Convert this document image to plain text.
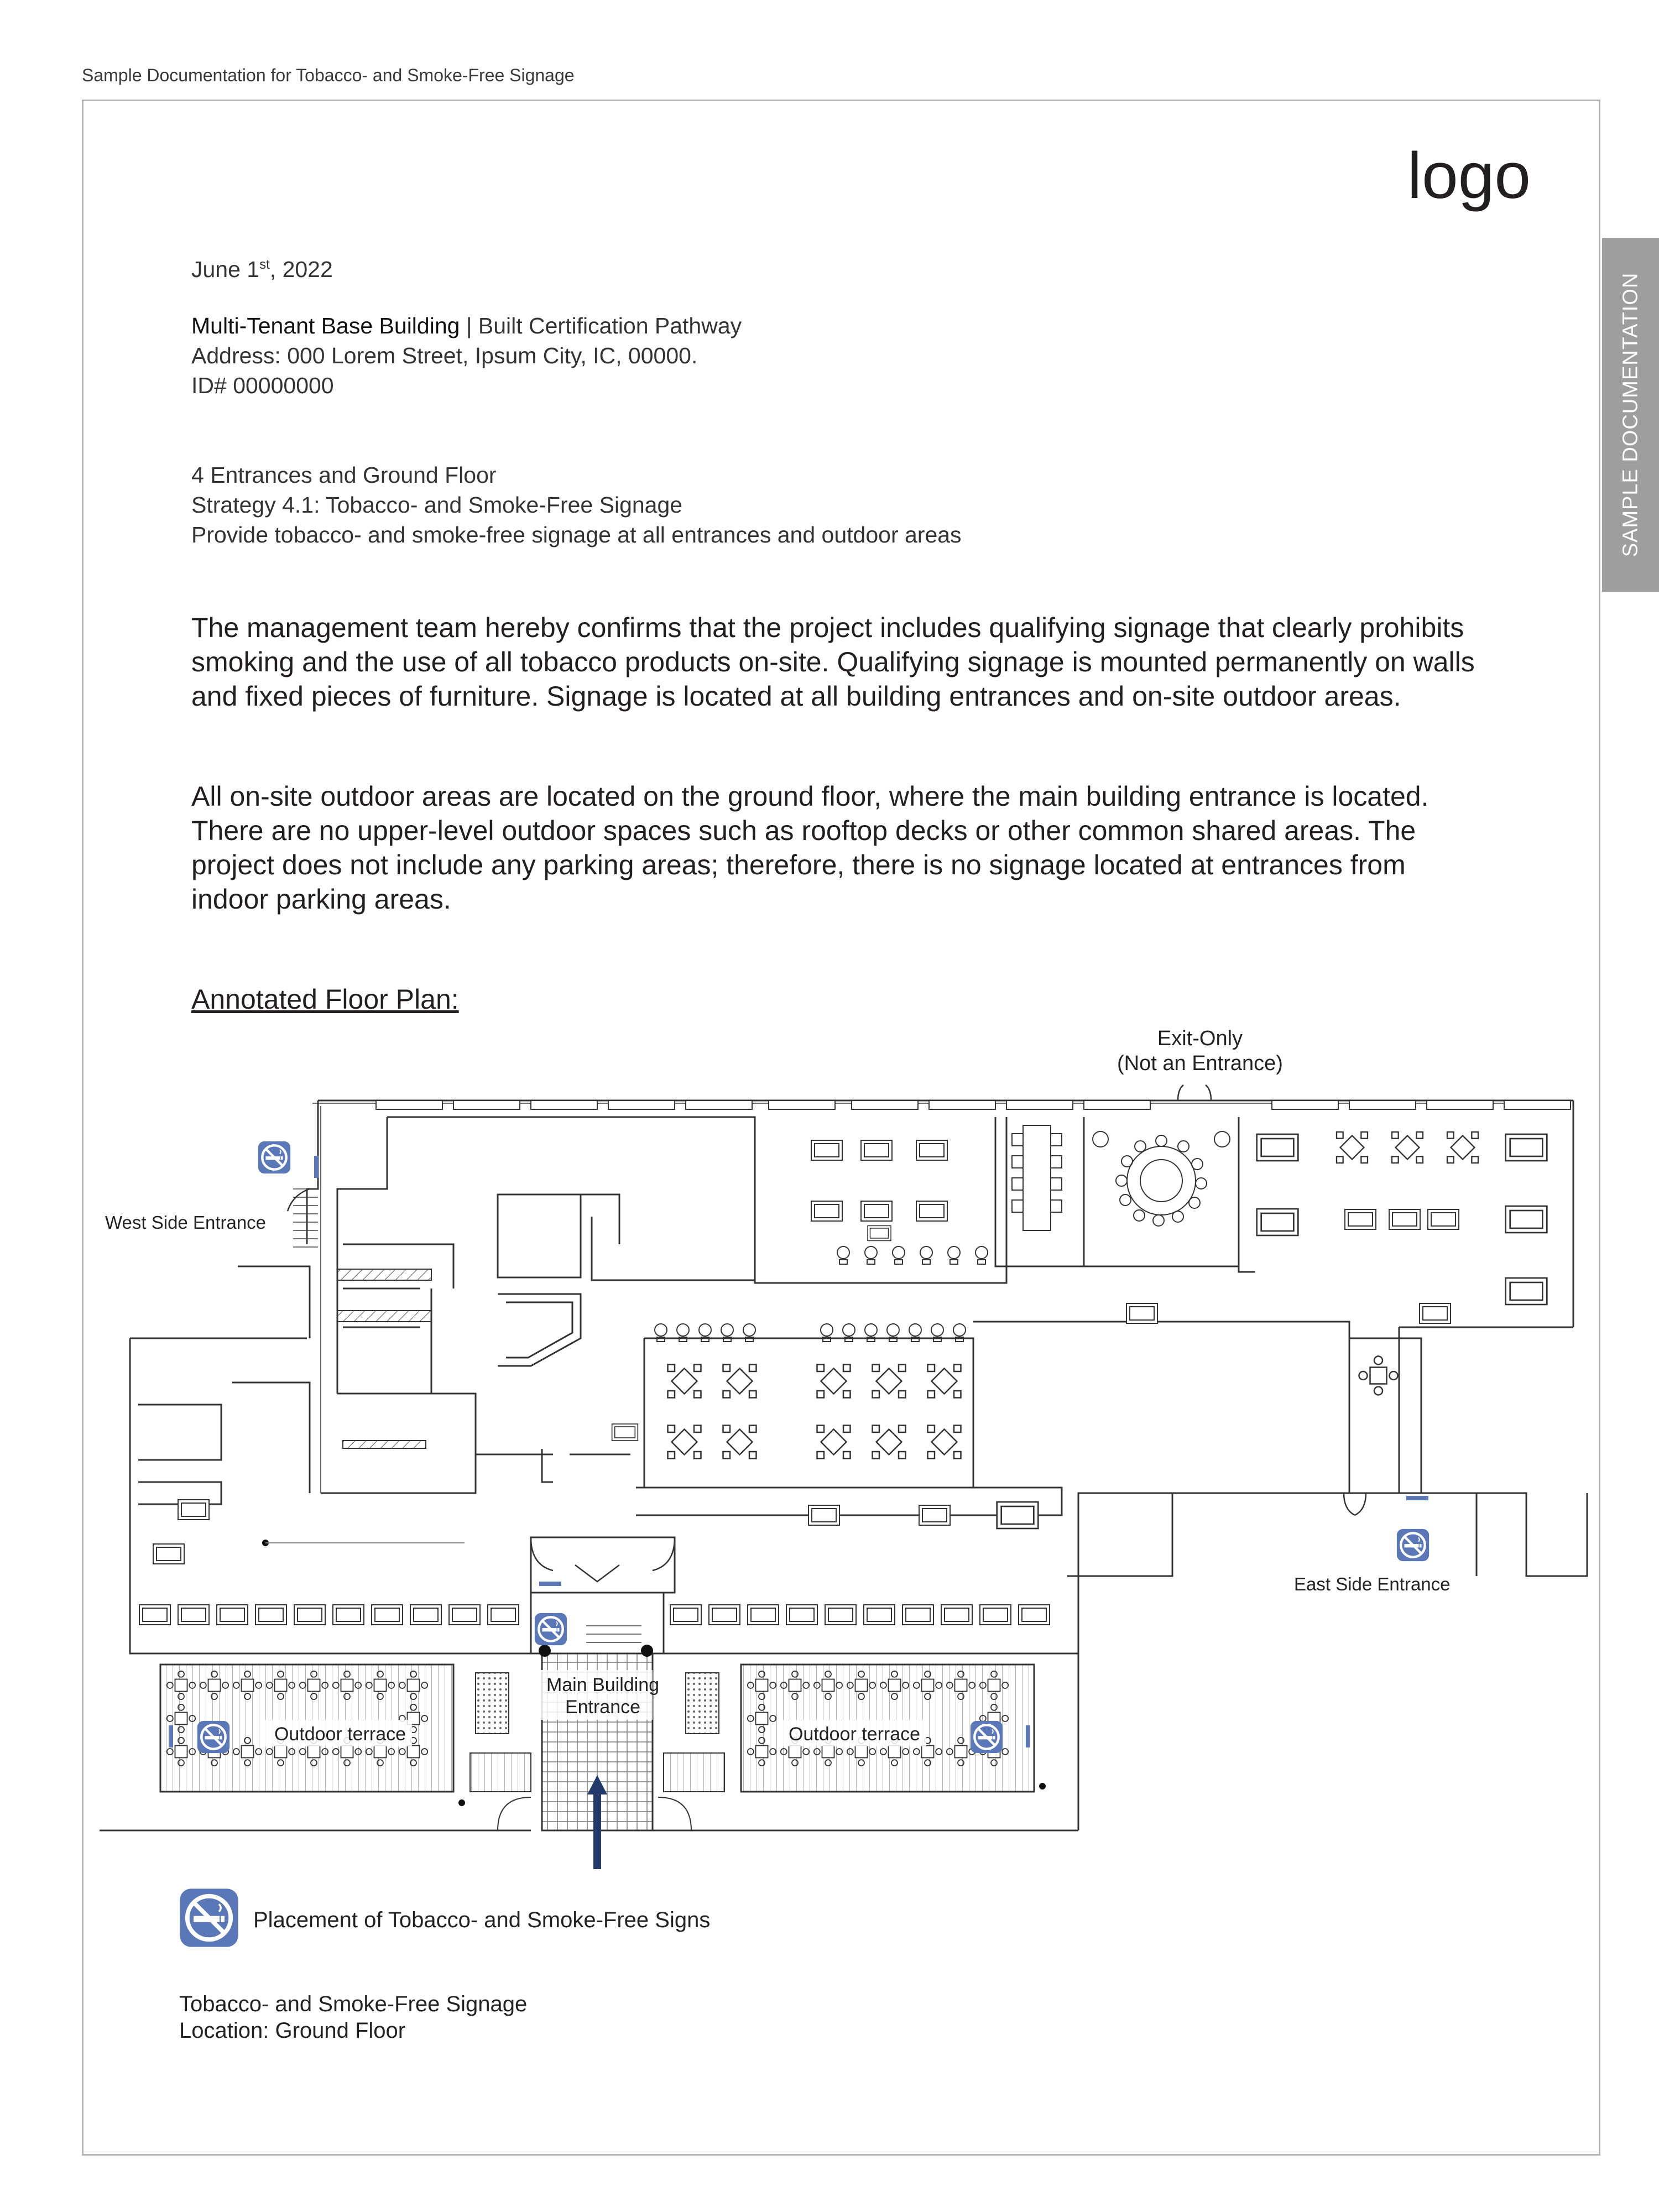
Sample Documentation for Tobacco- and Smoke-Free Signage
SAMPLE DOCUMENTATION
logo
June 1st, 2022
Multi-Tenant Base Building | Built Certification Pathway
Address: 000 Lorem Street, Ipsum City, IC, 00000.
ID# 00000000
4 Entrances and Ground Floor
Strategy 4.1: Tobacco- and Smoke-Free Signage
Provide tobacco- and smoke-free signage at all entrances and outdoor areas
The management team hereby confirms that the project includes qualifying signage that clearly prohibits smoking and the use of all tobacco products on-site. Qualifying signage is mounted permanently on walls and fixed pieces of furniture. Signage is located at all building entrances and on-site outdoor areas.
All on-site outdoor areas are located on the ground floor, where the main building entrance is located. There are no upper-level outdoor spaces such as rooftop decks or other common shared areas. The project does not include any parking areas; therefore, there is no signage located at entrances from indoor parking areas.
Annotated Floor Plan:
Exit-Only
(Not an Entrance)
West Side Entrance
East Side Entrance
Main Building
Entrance
Outdoor terrace	Outdoor terrace
Placement of Tobacco- and Smoke-Free Signs
Tobacco- and Smoke-Free Signage
Location: Ground Floor
